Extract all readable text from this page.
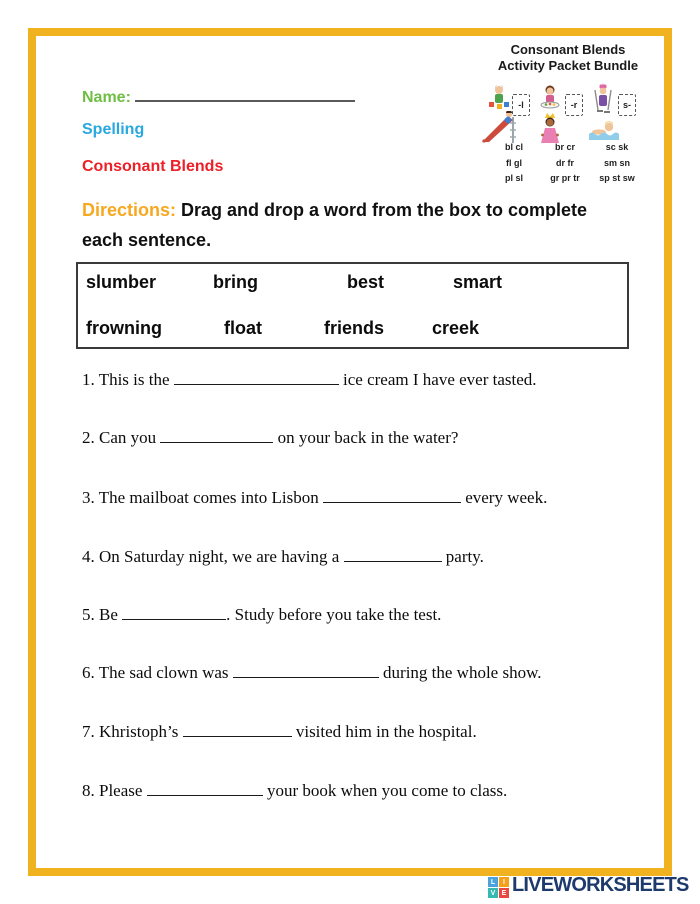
Consonant Blends
Activity Packet Bundle
-l	-r	s-
bl cl
fl gl
pl sl
br cr
dr fr
gr pr tr
sc sk
sm sn
sp st sw
Name:
Spelling
Consonant Blends
Directions: Drag and drop a word from the box to complete each sentence.
slumber	bring	best	smart
frowning	float	friends	creek
1. This is the	ice cream I have ever tasted.
2. Can you	on your back in the water?
3. The mailboat comes into Lisbon	every week.
4. On Saturday night, we are having a	party.
5. Be	. Study before you take the test.
6. The sad clown was	during the whole show.
7. Khristoph’s	visited him in the hospital.
8. Please	your book when you come to class.
L	I
V E LIVEWORKSHEETS
